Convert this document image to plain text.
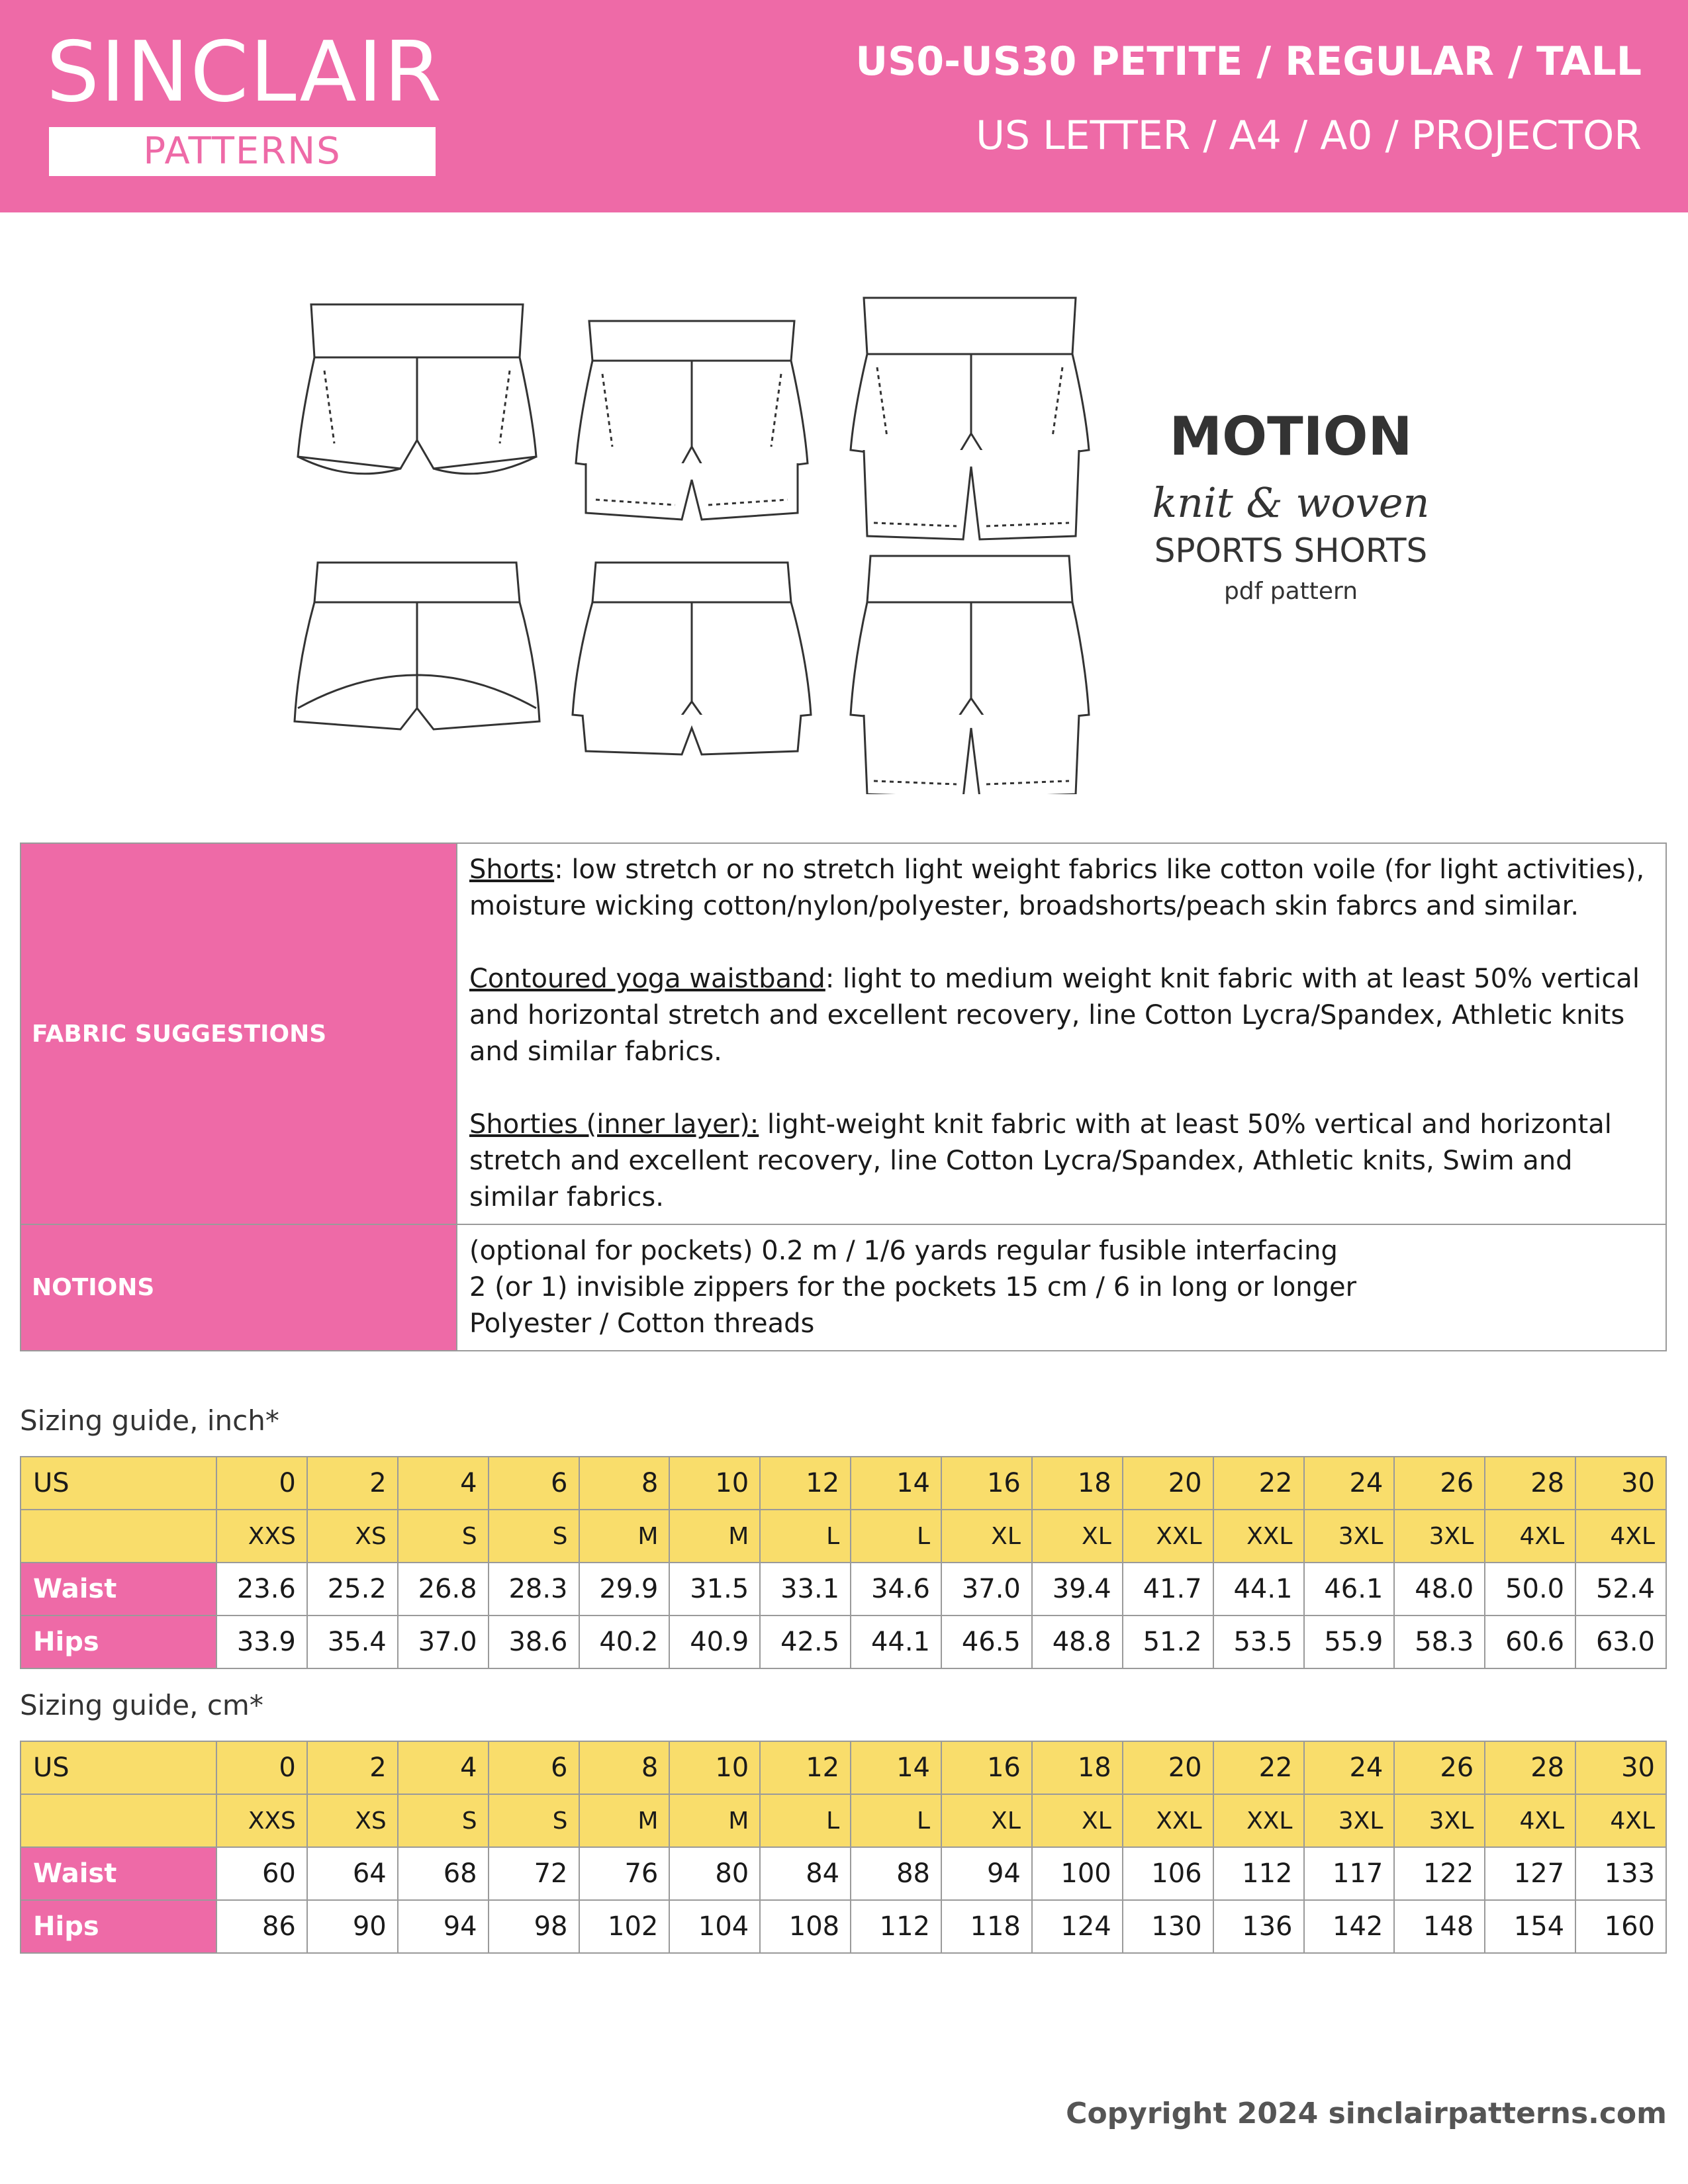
SINCLAIR
PATTERNS
US0-US30 PETITE / REGULAR / TALL
US LETTER / A4 / A0 / PROJECTOR
MOTION
knit & woven
SPORTS SHORTS
pdf pattern
FABRIC SUGGESTIONS	Shorts: low stretch or no stretch light weight fabrics like cotton voile (for light activities), moisture wicking cotton/nylon/polyester, broadshorts/peach skin fabrcs and similar.

Contoured yoga waistband: light to medium weight knit fabric with at least 50% vertical and horizontal stretch and excellent recovery, line Cotton Lycra/Spandex, Athletic knits and similar fabrics.

Shorties (inner layer): light-weight knit fabric with at least 50% vertical and horizontal stretch and excellent recovery, line Cotton Lycra/Spandex, Athletic knits, Swim and similar fabrics.

NOTIONS	(optional for pockets) 0.2 m / 1/6 yards regular fusible interfacing
2 (or 1) invisible zippers for the pockets 15 cm / 6 in long or longer
Polyester / Cotton threads
Sizing guide, inch*
US	0	2	4	6	8	10	12	14	16	18	20	22	24	26	28	30
	XXS	XS	S	S	M	M	L	L	XL	XL	XXL	XXL	3XL	3XL	4XL	4XL
Waist	23.6	25.2	26.8	28.3	29.9	31.5	33.1	34.6	37.0	39.4	41.7	44.1	46.1	48.0	50.0	52.4
Hips	33.9	35.4	37.0	38.6	40.2	40.9	42.5	44.1	46.5	48.8	51.2	53.5	55.9	58.3	60.6	63.0
Sizing guide, cm*
US	0	2	4	6	8	10	12	14	16	18	20	22	24	26	28	30
	XXS	XS	S	S	M	M	L	L	XL	XL	XXL	XXL	3XL	3XL	4XL	4XL
Waist	60	64	68	72	76	80	84	88	94	100	106	112	117	122	127	133
Hips	86	90	94	98	102	104	108	112	118	124	130	136	142	148	154	160
Copyright 2024 sinclairpatterns.com
